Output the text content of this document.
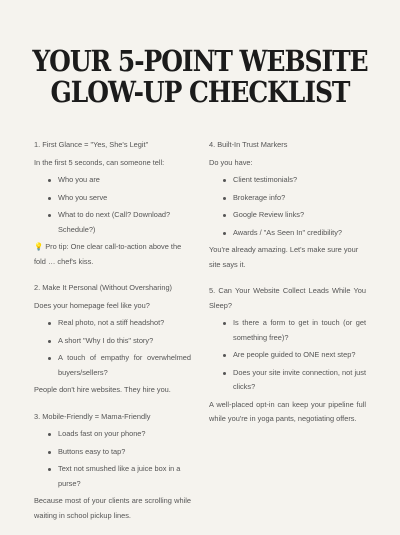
YOUR 5-POINT WEBSITE
GLOW-UP CHECKLIST
1. First Glance = "Yes, She's Legit"
In the first 5 seconds, can someone tell:
Who you are
Who you serve
What to do next (Call? Download? Schedule?)
💡 Pro tip: One clear call-to-action above the fold … chef's kiss.
2. Make It Personal (Without Oversharing)
Does your homepage feel like you?
Real photo, not a stiff headshot?
A short "Why I do this" story?
A touch of empathy for overwhelmed buyers/sellers?
People don't hire websites. They hire you.
3. Mobile-Friendly = Mama-Friendly
Loads fast on your phone?
Buttons easy to tap?
Text not smushed like a juice box in a purse?
Because most of your clients are scrolling while waiting in school pickup lines.
4. Built-In Trust Markers
Do you have:
Client testimonials?
Brokerage info?
Google Review links?
Awards / "As Seen In" credibility?
You're already amazing. Let's make sure your site says it.
5. Can Your Website Collect Leads While You Sleep?
Is there a form to get in touch (or get something free)?
Are people guided to ONE next step?
Does your site invite connection, not just clicks?
A well-placed opt-in can keep your pipeline full while you're in yoga pants, negotiating offers.
